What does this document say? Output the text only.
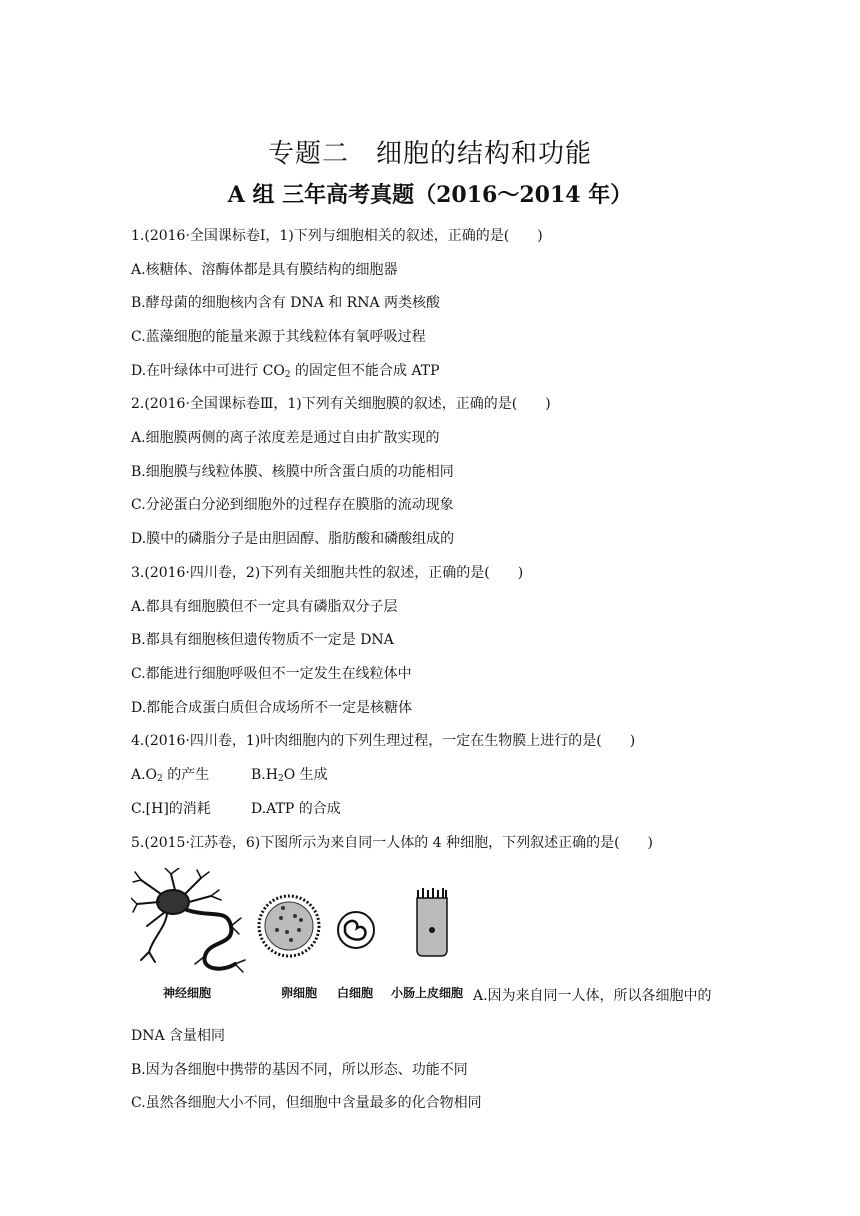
专题二　细胞的结构和功能
A 组 三年高考真题（2016～2014 年）
1.(2016·全国课标卷Ⅰ，1)下列与细胞相关的叙述，正确的是(　　)
A.核糖体、溶酶体都是具有膜结构的细胞器
B.酵母菌的细胞核内含有 DNA 和 RNA 两类核酸
C.蓝藻细胞的能量来源于其线粒体有氧呼吸过程
D.在叶绿体中可进行 $CO_2$ 的固定但不能合成 ATP
2.(2016·全国课标卷Ⅲ，1)下列有关细胞膜的叙述，正确的是(　　)
A.细胞膜两侧的离子浓度差是通过自由扩散实现的
B.细胞膜与线粒体膜、核膜中所含蛋白质的功能相同
C.分泌蛋白分泌到细胞外的过程存在膜脂的流动现象
D.膜中的磷脂分子是由胆固醇、脂肪酸和磷酸组成的
3.(2016·四川卷，2)下列有关细胞共性的叙述，正确的是(　　)
A.都具有细胞膜但不一定具有磷脂双分子层
B.都具有细胞核但遗传物质不一定是 DNA
C.都能进行细胞呼吸但不一定发生在线粒体中
D.都能合成蛋白质但合成场所不一定是核糖体
4.(2016·四川卷，1)叶肉细胞内的下列生理过程，一定在生物膜上进行的是(　　)
$A.O_2$ 的产生	$B.H_2O$ 生成
C.[H]的消耗	D.ATP 的合成
5.(2015·江苏卷，6)下图所示为来自同一人体的 4 种细胞，下列叙述正确的是(　　)
神经细胞	卵细胞 白细胞 小肠上皮细胞 A.因为来自同一人体，所以各细胞中的
DNA 含量相同
B.因为各细胞中携带的基因不同，所以形态、功能不同
C.虽然各细胞大小不同，但细胞中含量最多的化合物相同
